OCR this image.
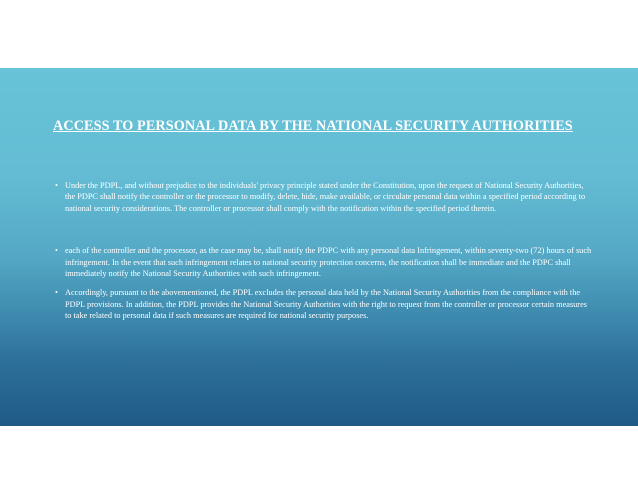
ACCESS TO PERSONAL DATA BY THE NATIONAL SECURITY AUTHORITIES
• Under the PDPL, and without prejudice to the individuals' privacy principle stated under the Constitution, upon the request of National Security Authorities, the PDPC shall notify the controller or the processor to modify, delete, hide, make available, or circulate personal data within a specified period according to national security considerations. The controller or processor shall comply with the notification within the specified period therein.
• each of the controller and the processor, as the case may be, shall notify the PDPC with any personal data Infringement, within seventy-two (72) hours of such infringement. In the event that such infringement relates to national security protection concerns, the notification shall be immediate and the PDPC shall immediately notify the National Security Authorities with such infringement.
• Accordingly, pursuant to the abovementioned, the PDPL excludes the personal data held by the National Security Authorities from the compliance with the PDPL provisions. In addition, the PDPL provides the National Security Authorities with the right to request from the controller or processor certain measures to take related to personal data if such measures are required for national security purposes.
